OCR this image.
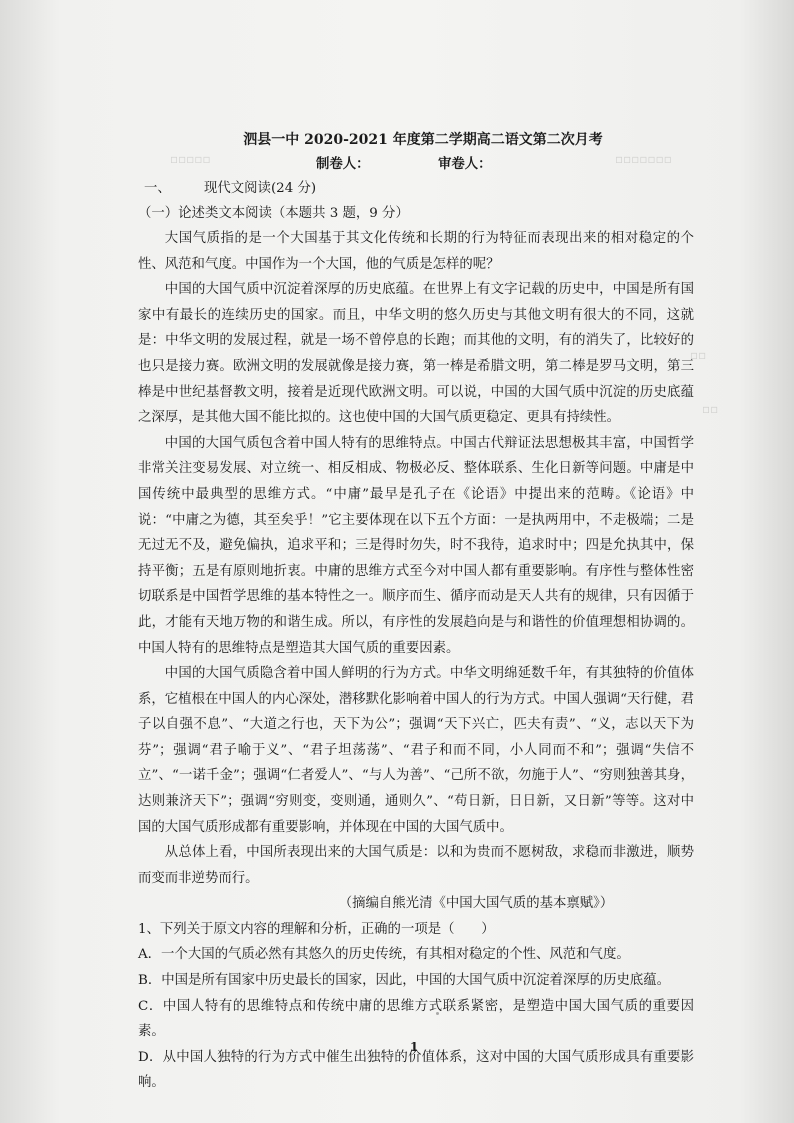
▫▫▫▫▫▫▫
▫▫
▫▫
▫▫▫▫▫
泗县一中 2020-2021 年度第二学期高二语文第二次月考
制卷人：	审卷人：
一、 现代文阅读(24 分)
（一）论述类文本阅读（本题共 3 题，9 分）

大国气质指的是一个大国基于其文化传统和长期的行为特征而表现出来的相对稳定的个性、风范和气度。中国作为一个大国，他的气质是怎样的呢？

中国的大国气质中沉淀着深厚的历史底蕴。在世界上有文字记载的历史中，中国是所有国家中有最长的连续历史的国家。而且，中华文明的悠久历史与其他文明有很大的不同，这就是：中华文明的发展过程，就是一场不曾停息的长跑；而其他的文明，有的消失了，比较好的也只是接力赛。欧洲文明的发展就像是接力赛，第一棒是希腊文明，第二棒是罗马文明，第三棒是中世纪基督教文明，接着是近现代欧洲文明。可以说，中国的大国气质中沉淀的历史底蕴之深厚，是其他大国不能比拟的。这也使中国的大国气质更稳定、更具有持续性。

中国的大国气质包含着中国人特有的思维特点。中国古代辩证法思想极其丰富，中国哲学非常关注变易发展、对立统一、相反相成、物极必反、整体联系、生化日新等问题。中庸是中国传统中最典型的思维方式。“中庸”最早是孔子在《论语》中提出来的范畴。《论语》中说：“中庸之为德，其至矣乎！”它主要体现在以下五个方面：一是执两用中，不走极端；二是无过无不及，避免偏执，追求平和；三是得时勿失，时不我待，追求时中；四是允执其中，保持平衡；五是有原则地折衷。中庸的思维方式至今对中国人都有重要影响。有序性与整体性密切联系是中国哲学思维的基本特性之一。顺序而生、循序而动是天人共有的规律，只有因循于此，才能有天地万物的和谐生成。所以，有序性的发展趋向是与和谐性的价值理想相协调的。中国人特有的思维特点是塑造其大国气质的重要因素。

中国的大国气质隐含着中国人鲜明的行为方式。中华文明绵延数千年，有其独特的价值体系，它植根在中国人的内心深处，潜移默化影响着中国人的行为方式。中国人强调“天行健，君子以自强不息”、“大道之行也，天下为公”；强调“天下兴亡，匹夫有责”、“义，志以天下为芬”；强调“君子喻于义”、“君子坦荡荡”、“君子和而不同，小人同而不和”；强调“失信不立”、“一诺千金”；强调“仁者爱人”、“与人为善”、“己所不欲，勿施于人”、“穷则独善其身，达则兼济天下”；强调“穷则变，变则通，通则久”、“苟日新，日日新，又日新”等等。这对中国的大国气质形成都有重要影响，并体现在中国的大国气质中。

从总体上看，中国所表现出来的大国气质是：以和为贵而不愿树敌，求稳而非激进，顺势而变而非逆势而行。

（摘编自熊光清《中国大国气质的基本禀赋》）
1、下列关于原文内容的理解和分析，正确的一项是（　　）
A．一个大国的气质必然有其悠久的历史传统，有其相对稳定的个性、风范和气度。
B．中国是所有国家中历史最长的国家，因此，中国的大国气质中沉淀着深厚的历史底蕴。
C．中国人特有的思维特点和传统中庸的思维方式联系紧密，是塑造中国大国气质的重要因素。
D．从中国人独特的行为方式中催生出独特的价值体系，这对中国的大国气质形成具有重要影响。
1
